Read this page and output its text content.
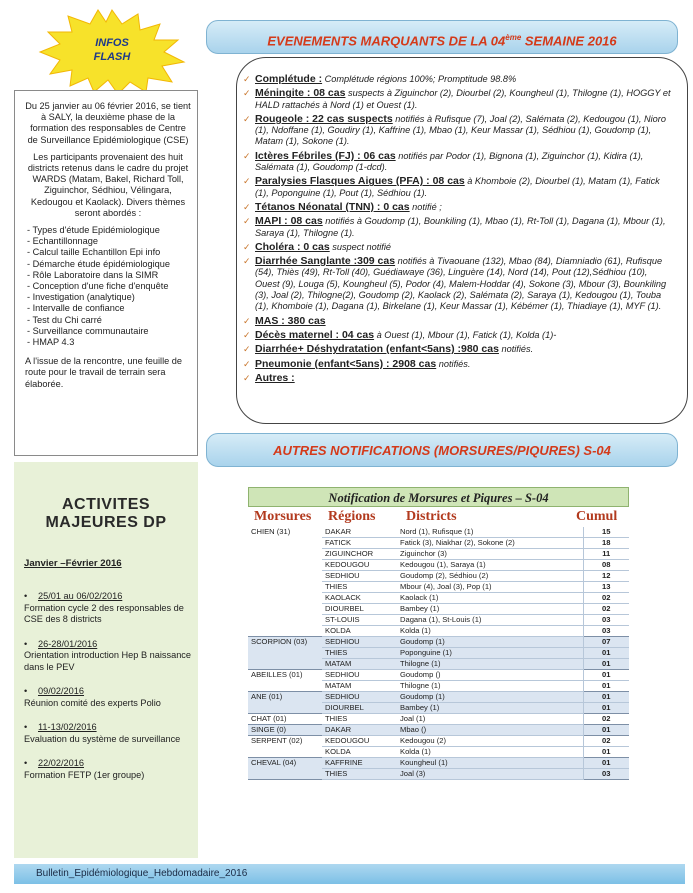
INFOS
FLASH

Du 25 janvier au 06 février 2016, se tient à SALY, la deuxième phase de la formation des responsables de Centre de Surveillance Epidémiologique (CSE)

Les participants provenaient des huit districts retenus dans le cadre du projet WARDS (Matam, Bakel, Richard Toll, Ziguinchor, Sédhiou, Vélingara, Kedougou et Kaolack). Divers thèmes seront abordés :

- Types d'étude Epidémiologique
- Echantillonnage
- Calcul taille Echantillon Epi info
- Démarche étude épidémiologique
- Rôle Laboratoire dans la SIMR
- Conception d'une fiche d'enquête
- Investigation (analytique)
- Intervalle de confiance
- Test du Chi carré
- Surveillance communautaire
- HMAP 4.3
A l'issue de la rencontre, une feuille de route pour le travail de terrain sera élaborée.
ACTIVITES
MAJEURES DP
Janvier –Février 2016
• 25/01 au 06/02/2016
Formation cycle 2 des responsables de CSE des 8 districts
• 26-28/01/2016
Orientation introduction Hep B naissance dans le PEV
• 09/02/2016
Réunion comité des experts Polio
• 11-13/02/2016
Evaluation du système de surveillance
• 22/02/2016
Formation FETP (1er groupe)
EVENEMENTS MARQUANTS DE LA 04ème SEMAINE 2016
✓ Complétude : Complétude régions 100%; Promptitude 98.8%
✓ Méningite : 08 cas suspects à Ziguinchor (2), Diourbel (2), Koungheul (1), Thilogne (1), HOGGY et HALD rattachés à Nord (1) et Ouest (1).
✓ Rougeole : 22 cas suspects notifiés à Rufisque (7), Joal (2), Salémata (2), Kedougou (1), Nioro (1), Ndoffane (1), Goudiry (1), Kaffrine (1), Mbao (1), Keur Massar (1), Sédhiou (1), Goudomp (1), Matam (1), Sokone (1).
✓ Ictères Fébriles (FJ) : 06 cas notifiés par Podor (1), Bignona (1), Ziguinchor (1), Kidira (1), Salémata (1), Goudomp (1-dcd).
✓ Paralysies Flasques Aigues (PFA) : 08 cas à Khomboie (2), Diourbel (1), Matam (1), Fatick (1), Poponguine (1), Pout (1), Sédhiou (1).
✓ Tétanos Néonatal (TNN) : 0 cas notifié ;
✓ MAPI : 08 cas notifiés à Goudomp (1), Bounkiling (1), Mbao (1), Rt-Toll (1), Dagana (1), Mbour (1), Saraya (1), Thilogne (1).
✓ Choléra : 0 cas suspect notifié
✓ Diarrhée Sanglante :309 cas notifiés à Tivaouane (132), Mbao (84), Diamniadio (61), Rufisque (54), Thiès (49), Rt-Toll (40), Guédiawaye (36), Linguère (14), Nord (14), Pout (12),Sédhiou (10), Ouest (9), Louga (5), Koungheul (5), Podor (4), Malem-Hoddar (4), Sokone (3), Mbour (3), Bounkiling (3), Joal (2), Thilogne(2), Goudomp (2), Kaolack (2), Salémata (2), Saraya (1), Kedougou (1), Touba (1), Khomboie (1), Dagana (1), Birkelane (1), Keur Massar (1), Kébémer (1), Thiadiaye (1), MYF (1).
✓ MAS : 380 cas
✓ Décès maternel : 04 cas à Ouest (1), Mbour (1), Fatick (1), Kolda (1)-
✓ Diarrhée+ Déshydratation (enfant<5ans) :980 cas notifiés.
✓ Pneumonie (enfant<5ans) : 2908 cas notifiés.
✓ Autres :
AUTRES NOTIFICATIONS (MORSURES/PIQURES) S-04
Notification de Morsures et Piqures – S-04
Morsures Régions Districts	Cumul
CHIEN (31)	DAKAR	Nord (1), Rufisque (1)	15
	FATICK	Fatick (3), Niakhar (2), Sokone (2)	18
	ZIGUINCHOR	Ziguinchor (3)	11
	KEDOUGOU	Kedougou (1), Saraya (1)	08
	SEDHIOU	Goudomp (2), Sédhiou (2)	12
	THIES	Mbour (4), Joal (3), Pop (1)	13
	KAOLACK	Kaolack (1)	02
	DIOURBEL	Bambey (1)	02
	ST-LOUIS	Dagana (1), St-Louis (1)	03
	KOLDA	Kolda (1)	03
SCORPION (03)	SEDHIOU	Goudomp (1)	07
	THIES	Poponguine (1)	01
	MATAM	Thilogne (1)	01
ABEILLES (01)	SEDHIOU	Goudomp ()	01
	MATAM	Thilogne (1)	01
ANE (01)	SEDHIOU	Goudomp (1)	01
	DIOURBEL	Bambey (1)	01
CHAT (01)	THIES	Joal (1)	02
SINGE (0)	DAKAR	Mbao ()	01
SERPENT (02)	KEDOUGOU	Kedougou (2)	02
	KOLDA	Kolda (1)	01
CHEVAL (04)	KAFFRINE	Koungheul (1)	01
	THIES	Joal (3)	03
Bulletin_Epidémiologique_Hebdomadaire_2016
